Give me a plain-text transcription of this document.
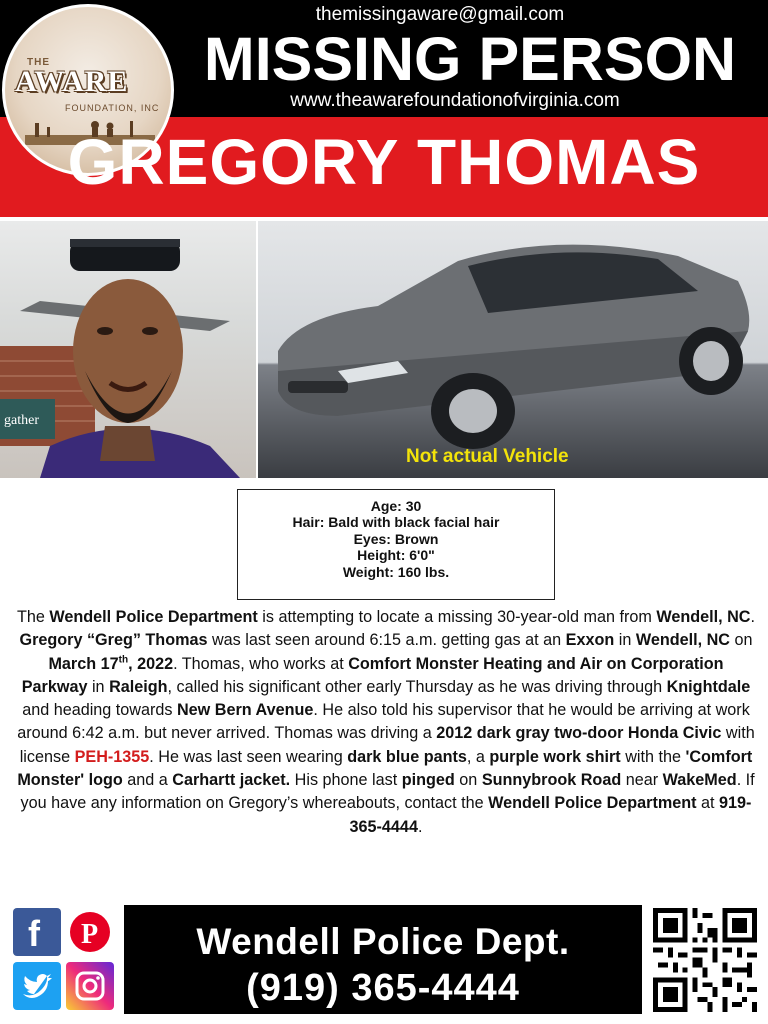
THE
AWARE
FOUNDATION, INC
themissingaware@gmail.com
MISSING PERSON
www.theawarefoundationofvirginia.com
GREGORY THOMAS
gather
Not actual Vehicle
Age: 30
Hair: Bald with black facial hair
Eyes: Brown
Height: 6'0"
Weight: 160 lbs.
The Wendell Police Department is attempting to locate a missing 30-year-old man from Wendell, NC. Gregory “Greg” Thomas was last seen around 6:15 a.m. getting gas at an Exxon in Wendell, NC on March 17th, 2022. Thomas, who works at Comfort Monster Heating and Air on Corporation Parkway in Raleigh, called his significant other early Thursday as he was driving through Knightdale and heading towards New Bern Avenue. He also told his supervisor that he would be arriving at work around 6:42 a.m. but never arrived. Thomas was driving a 2012 dark gray two-door Honda Civic with license PEH-1355. He was last seen wearing dark blue pants, a purple work shirt with the 'Comfort Monster' logo and a Carhartt jacket. His phone last pinged on Sunnybrook Road near WakeMed. If you have any information on Gregory’s whereabouts, contact the Wendell Police Department at 919-365-4444.
f P	Wendell Police Dept.
(919) 365-4444
